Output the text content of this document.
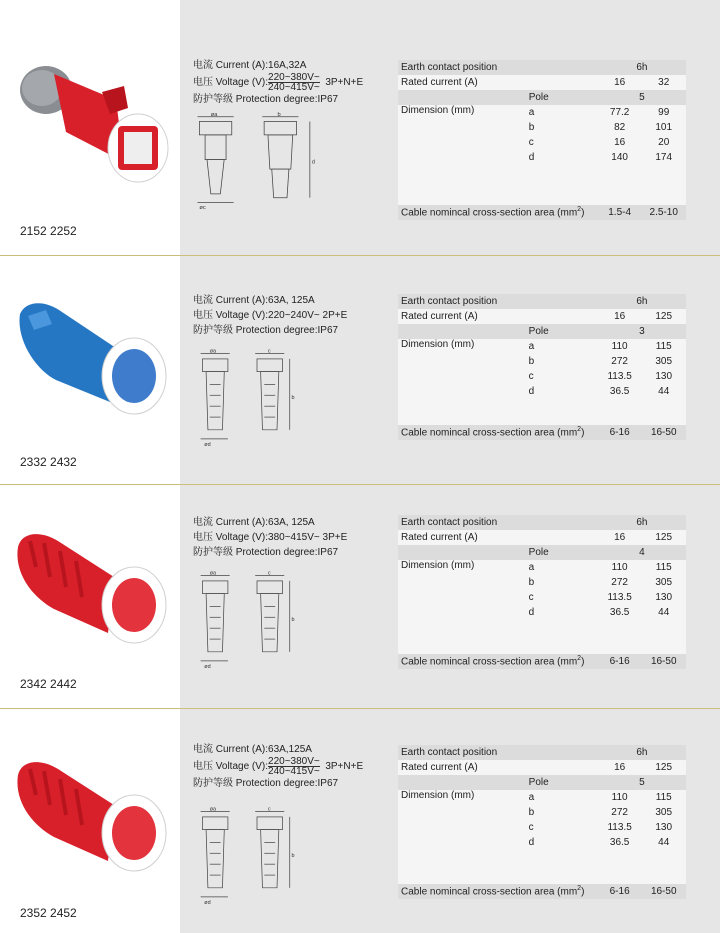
2152 2252
电流 Current (A):16A,32A
电压 Voltage (V): $\frac{220\sim 380V\sim}{240\sim 415V\sim} 3P+N+E$
防护等级 Protection degree:IP67
øa	b
d
øc
Earth contact position		6h	
Rated current (A)		16	32
	Pole	5	
Dimension (mm)	a	77.2	99
	b	82	101
	c	16	20
	d	140	174

Cable nomincal cross-section area $(mm^2)$		1.5-4	2.5-10
2332 2432
电流 Current (A):63A, 125A
电压 Voltage (V):220~240V~ 2P+E
防护等级 Protection degree:IP67
øa	c
b
ød
Earth contact position		6h	
Rated current (A)		16	125
	Pole	3	
Dimension (mm)	a	110	115
	b	272	305
	c	113.5	130
	d	36.5	44

Cable nomincal cross-section area $(mm^2)$		6-16	16-50
2342 2442
电流 Current (A):63A, 125A
电压 Voltage (V):380~415V~ 3P+E
防护等级 Protection degree:IP67
øa	c
b
ød
Earth contact position		6h	
Rated current (A)		16	125
	Pole	4	
Dimension (mm)	a	110	115
	b	272	305
	c	113.5	130
	d	36.5	44

Cable nomincal cross-section area $(mm^2)$		6-16	16-50
2352 2452
电流 Current (A):63A,125A
电压 Voltage (V): $\frac{220\sim 380V\sim}{240\sim 415V\sim} 3P+N+E$
防护等级 Protection degree:IP67
øa	c
b
ød
Earth contact position		6h	
Rated current (A)		16	125
	Pole	5	
Dimension (mm)	a	110	115
	b	272	305
	c	113.5	130
	d	36.5	44

Cable nomincal cross-section area $(mm^2)$		6-16	16-50
